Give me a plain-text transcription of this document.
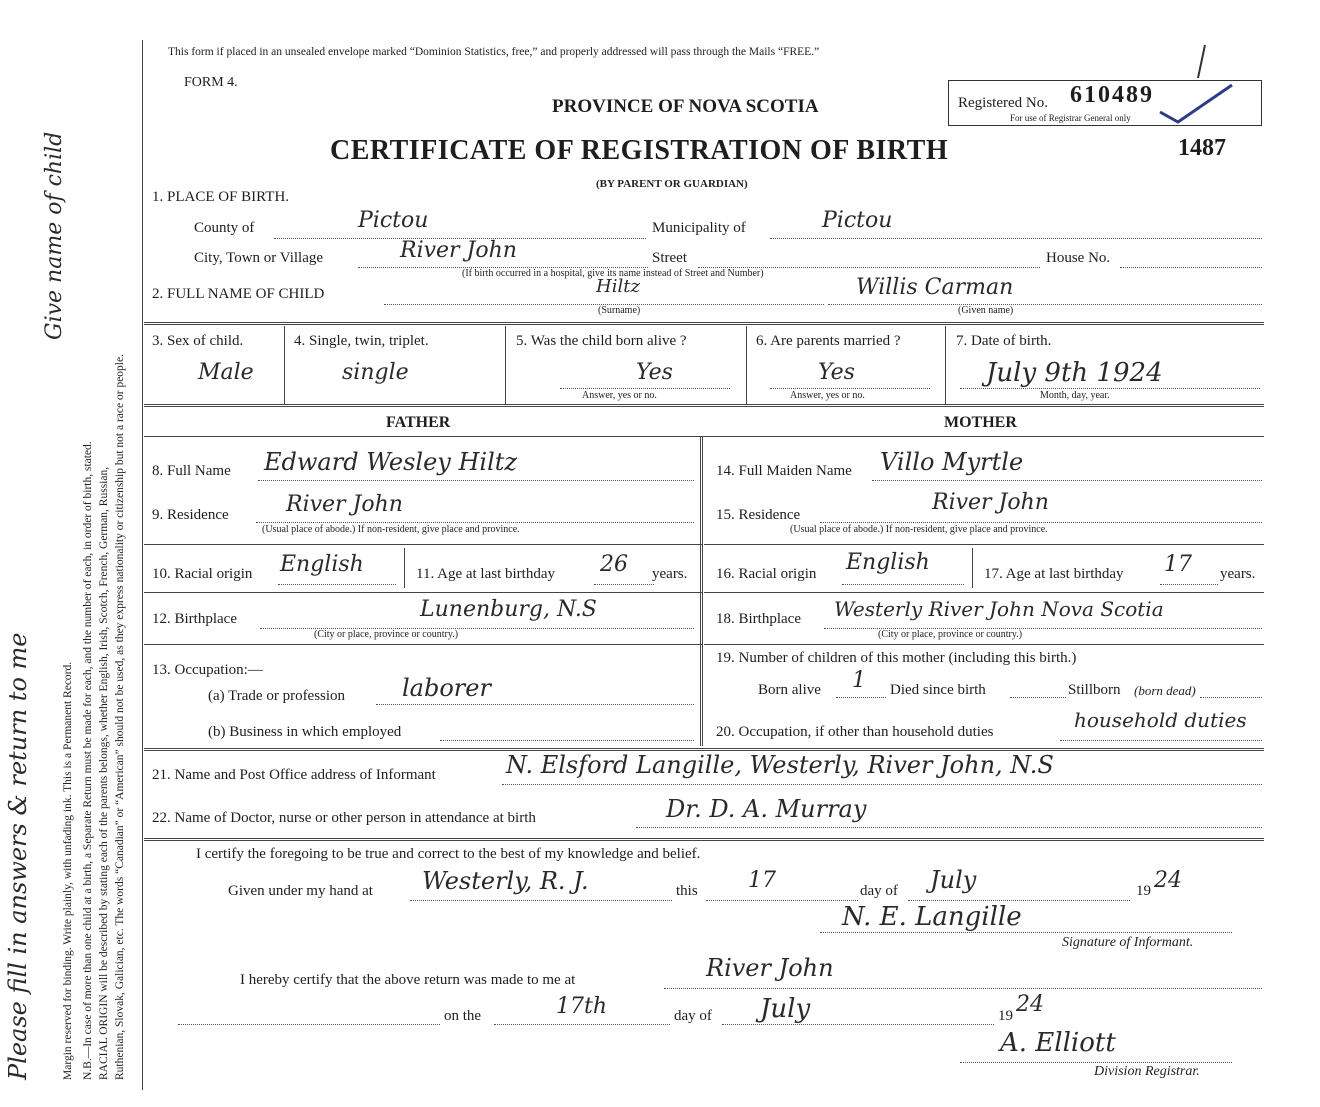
Margin reserved for binding. Write plainly, with unfading ink. This is a Permanent Record. N.B.—In case of more than one child at a birth, a Separate Return must be made for each, and the number of each, in order of birth, stated. RACIAL ORIGIN will be described by stating each of the parents belongs, whether English, Irish, Scotch, French, German, Russian, Ruthenian, Slovak, Galician, etc. The words “Canadian” or “American” should not be used, as they express nationality or citizenship but not a race or people.
Please fill in answers & return to me
Give name of child
This form if placed in an unsealed envelope marked “Dominion Statistics, free,” and properly addressed will pass through the Mails “FREE.”
FORM 4.
PROVINCE OF NOVA SCOTIA
CERTIFICATE OF REGISTRATION OF BIRTH
(BY PARENT OR GUARDIAN)
Registered No. 610489
For use of Registrar General only
1487
1. PLACE OF BIRTH.
County of	Pictou	Municipality of	Pictou
City, Town or Village	River John	Street	House No.
(If birth occurred in a hospital, give its name instead of Street and Number)
2. FULL NAME OF CHILD	Hiltz
(Surname)
Willis Carman
(Given name)
3. Sex of child.
Male
4. Single, twin, triplet.
single
5. Was the child born alive ?
Yes
Answer, yes or no.
6. Are parents married ?
Yes
Answer, yes or no.
7. Date of birth.
July 9th 1924
Month, day, year.
FATHER	MOTHER
8. Full Name Edward Wesley Hiltz
9. Residence	River John
(Usual place of abode.) If non-resident, give place and province.
10. Racial origin English	11. Age at last birthday 26 years.
12. Birthplace	Lunenburg, N.S
(City or place, province or country.)
13. Occupation:—
(a) Trade or profession laborer
(b) Business in which employed
14. Full Maiden Name Villo Myrtle
15. Residence	River John
(Usual place of abode.) If non-resident, give place and province.
16. Racial origin English	17. Age at last birthday 17 years.
18. Birthplace Westerly River John Nova Scotia
(City or place, province or country.)
19. Number of children of this mother (including this birth.)
Born alive 1 Died since birth	Stillborn (born dead)
20. Occupation, if other than household duties	household duties
21. Name and Post Office address of Informant	N. Elsford Langille, Westerly, River John, N.S
22. Name of Doctor, nurse or other person in attendance at birth	Dr. D. A. Murray
I certify the foregoing to be true and correct to the best of my knowledge and belief.
Given under my hand at Westerly, R. J.	this 17	day of July	19 24
N. E. Langille
Signature of Informant.
I hereby certify that the above return was made to me at	River John
on the	17th	day of July	19 24
A. Elliott
Division Registrar.
